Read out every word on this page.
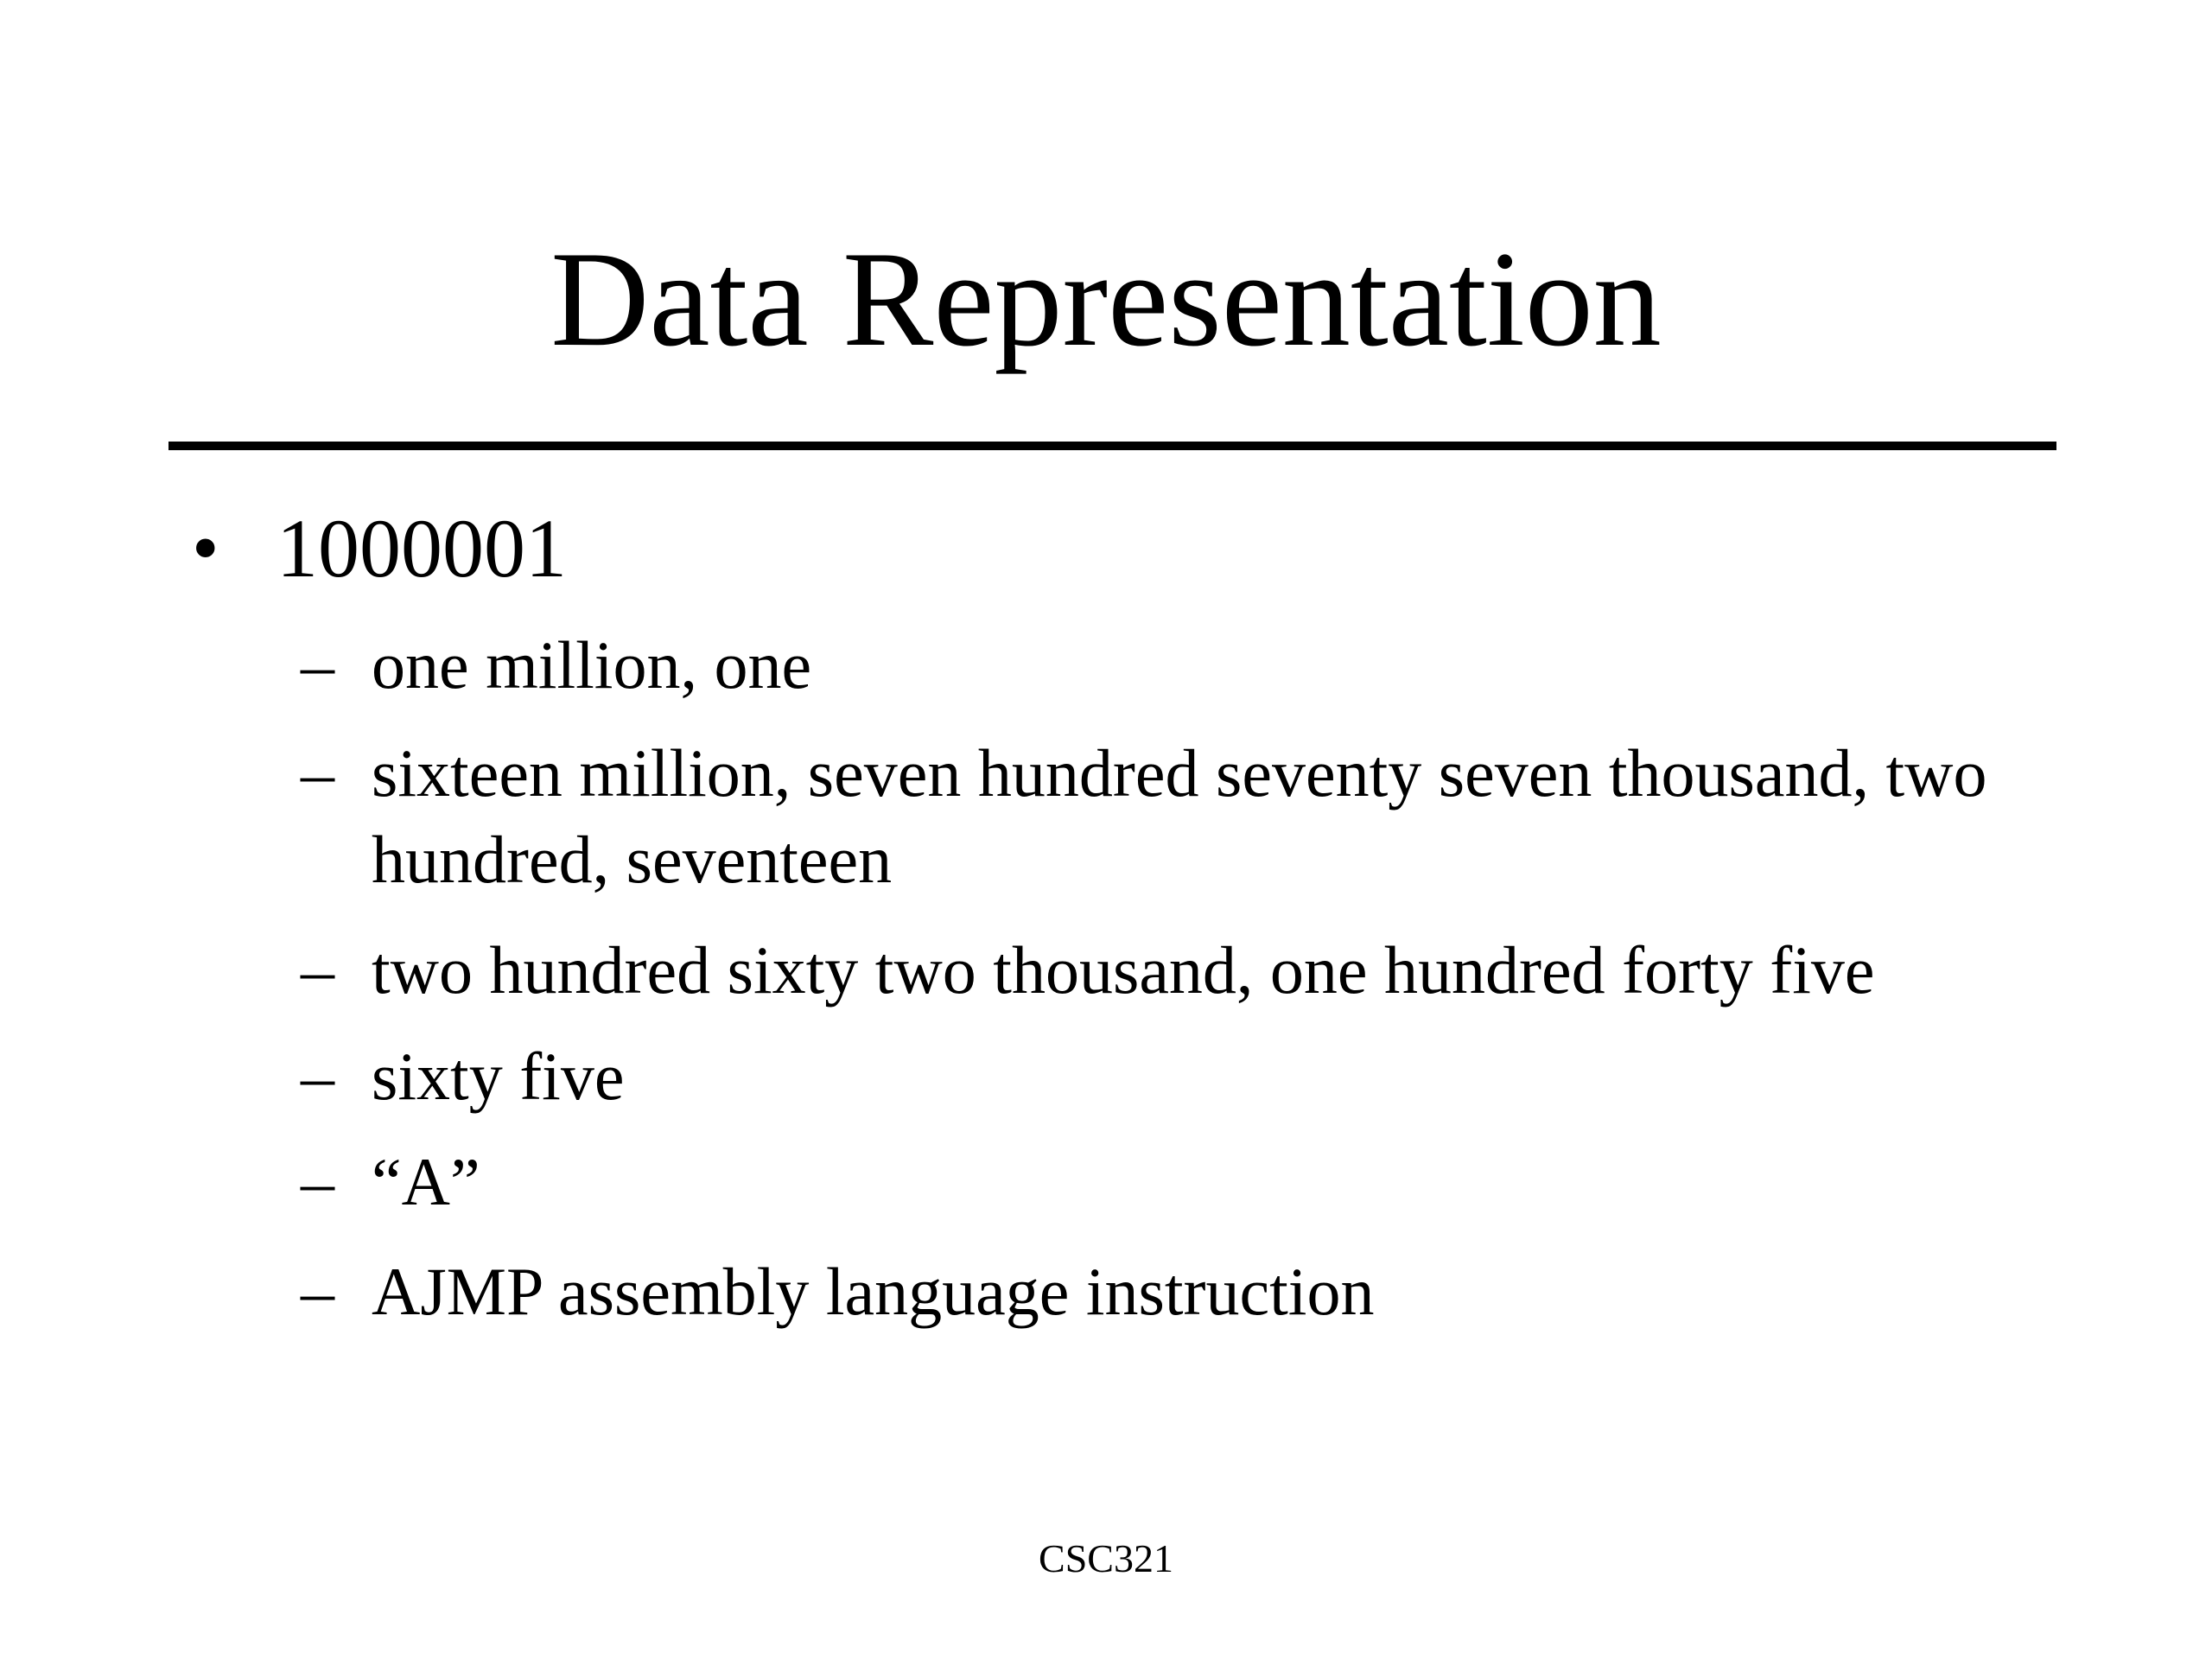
Data Representation
• 1000001
– one million, one
– sixteen million, seven hundred seventy seven thousand, two hundred, seventeen
– two hundred sixty two thousand, one hundred forty five
– sixty five
– “A”
– AJMP assembly language instruction
CSC321
